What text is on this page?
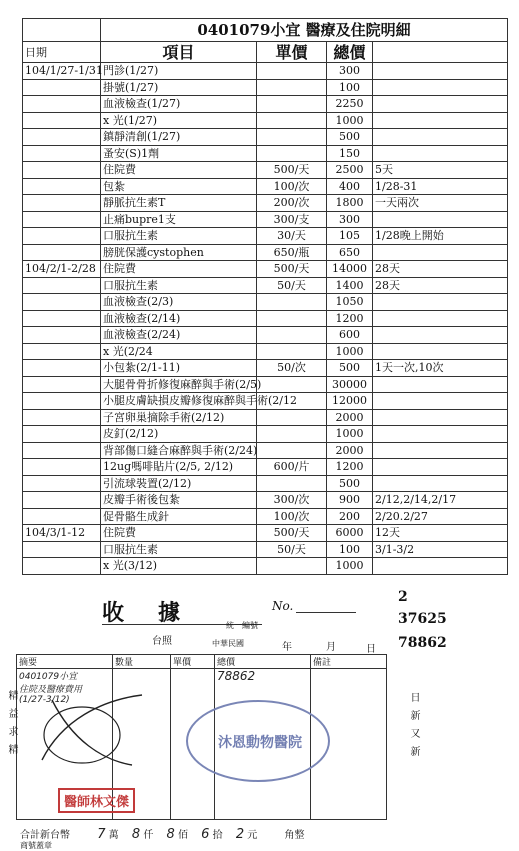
	0401079小宜 醫療及住院明細			
日期	項目	單價	總價	
104/1/27-1/31	門診(1/27)		300	
	掛號(1/27)		100	
	血液檢查(1/27)		2250	
	x 光(1/27)		1000	
	鎮靜清創(1/27)		500	
	蚤安(S)1劑		150	
	住院費	500/天	2500	5天
	包紮	100/次	400	1/28-31
	靜脈抗生素T	200/次	1800	一天兩次
	止痛bupre1支	300/支	300	
	口服抗生素	30/天	105	1/28晚上開始
	膀胱保護cystophen	650/瓶	650	
104/2/1-2/28	住院費	500/天	14000	28天
	口服抗生素	50/天	1400	28天
	血液檢查(2/3)		1050	
	血液檢查(2/14)		1200	
	血液檢查(2/24)		600	
	x 光(2/24		1000	
	小包紮(2/1-11)	50/次	500	1天一次,10次
	大腿骨骨折修復麻醉與手術(2/5)		30000	
	小腿皮膚缺損皮瓣修復麻醉與手術(2/12		12000	
	子宮卵巢摘除手術(2/12)		2000	
	皮釘(2/12)		1000	
	背部傷口縫合麻醉與手術(2/24)		2000	
	12ug嗎啡貼片(2/5, 2/12)	600/片	1200	
	引流球裝置(2/12)		500	
	皮瓣手術後包紮	300/次	900	2/12,2/14,2/17
	促骨骼生成針	100/次	200	2/20.2/27
104/3/1-12	住院費	500/天	6000	12天
	口服抗生素	50/天	100	3/1-3/2
	x 光(3/12)		1000	
2
37625
78862
收據	No.
台照
統一編號
中華民國	年	月	日
摘要	數量	單價	總價	備註

0401079小宜
住院及醫療費用 (1/27-3/12)			78862	

沐恩動物醫院
醫師林文傑
精益求精	日新又新
合計新台幣 7 萬 8 仟 8 佰 6 拾 2 元	角整
商號蓋章
